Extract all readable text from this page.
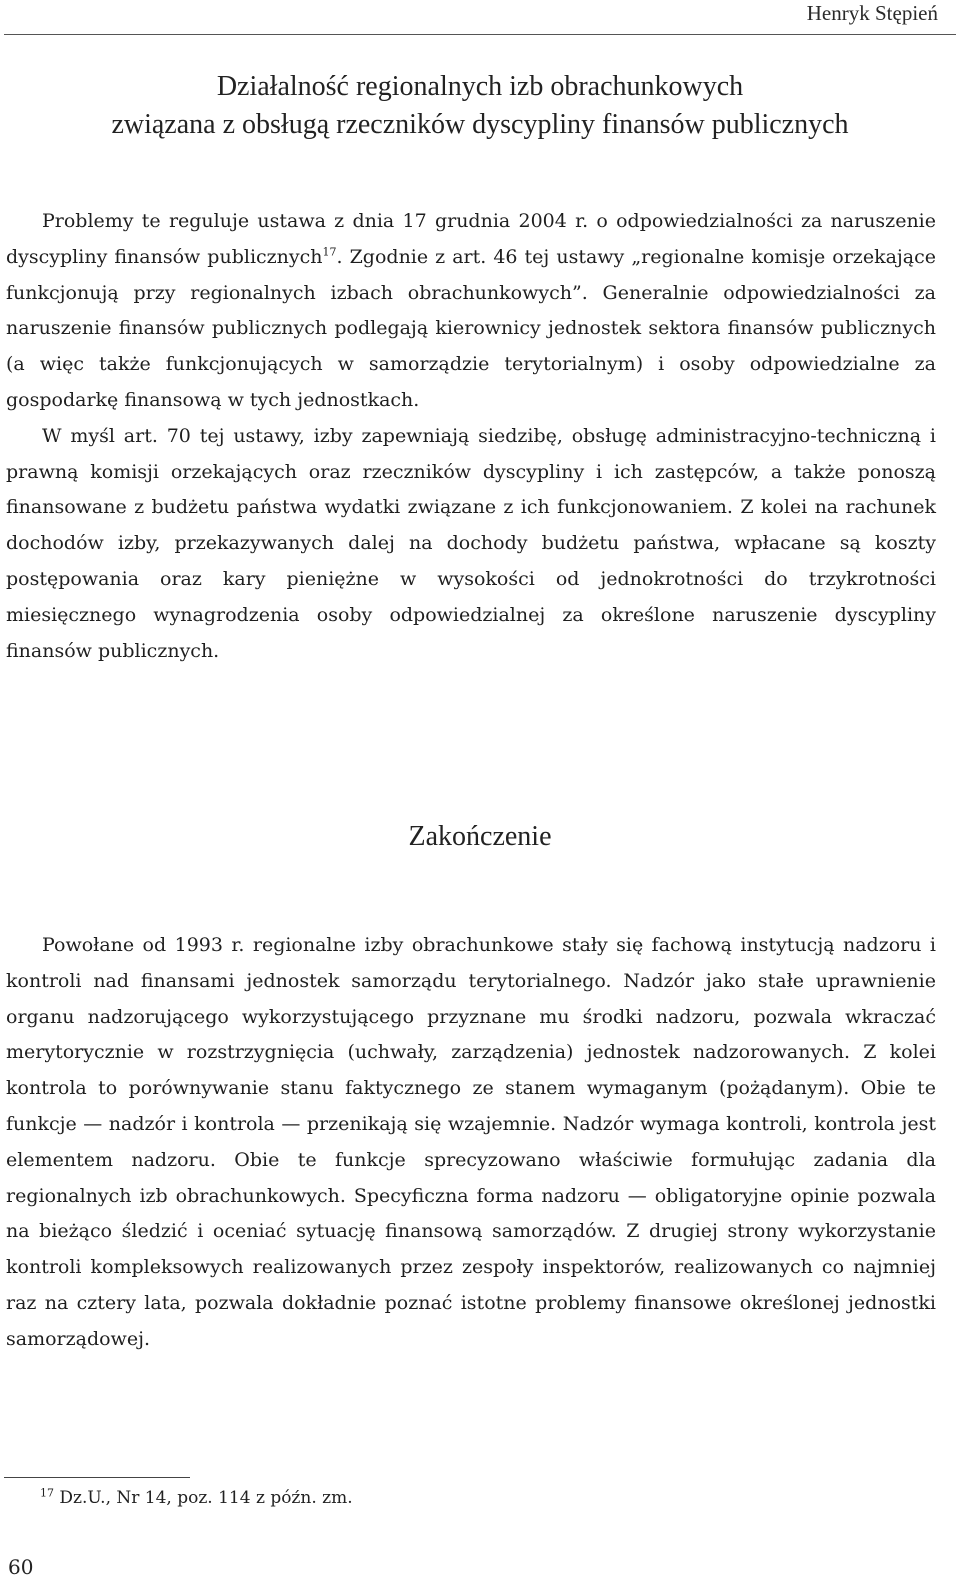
Henryk Stępień
Działalność regionalnych izb obrachunkowych
związana z obsługą rzeczników dyscypliny finansów publicznych

Problemy te reguluje ustawa z dnia 17 grudnia 2004 r. o odpowiedzialności za naruszenie dyscypliny finansów publicznych$^{17}$. Zgodnie z art. 46 tej ustawy „regionalne komisje orzekające funkcjonują przy regionalnych izbach obrachunkowych”. Generalnie odpowiedzialności za naruszenie finansów publicznych podlegają kierownicy jednostek sektora finansów publicznych (a więc także funkcjonujących w samorządzie terytorialnym) i osoby odpowiedzialne za gospodarkę finansową w tych jednostkach.

W myśl art. 70 tej ustawy, izby zapewniają siedzibę, obsługę administracyjno-techniczną i prawną komisji orzekających oraz rzeczników dyscypliny i ich zastępców, a także ponoszą finansowane z budżetu państwa wydatki związane z ich funkcjonowaniem. Z kolei na rachunek dochodów izby, przekazywanych dalej na dochody budżetu państwa, wpłacane są koszty postępowania oraz kary pieniężne w wysokości od jednokrotności do trzykrotności miesięcznego wynagrodzenia osoby odpowiedzialnej za określone naruszenie dyscypliny finansów publicznych.

Zakończenie

Powołane od 1993 r. regionalne izby obrachunkowe stały się fachową instytucją nadzoru i kontroli nad finansami jednostek samorządu terytorialnego. Nadzór jako stałe uprawnienie organu nadzorującego wykorzystującego przyznane mu środki nadzoru, pozwala wkraczać merytorycznie w rozstrzygnięcia (uchwały, zarządzenia) jednostek nadzorowanych. Z kolei kontrola to porównywanie stanu faktycznego ze stanem wymaganym (pożądanym). Obie te funkcje — nadzór i kontrola — przenikają się wzajemnie. Nadzór wymaga kontroli, kontrola jest elementem nadzoru. Obie te funkcje sprecyzowano właściwie formułując zadania dla regionalnych izb obrachunkowych. Specyficzna forma nadzoru — obligatoryjne opinie pozwala na bieżąco śledzić i oceniać sytuację finansową samorządów. Z drugiej strony wykorzystanie kontroli kompleksowych realizowanych przez zespoły inspektorów, realizowanych co najmniej raz na cztery lata, pozwala dokładnie poznać istotne problemy finansowe określonej jednostki samorządowej.

$^{17}$ Dz.U., Nr 14, poz. 114 z późn. zm.
60
